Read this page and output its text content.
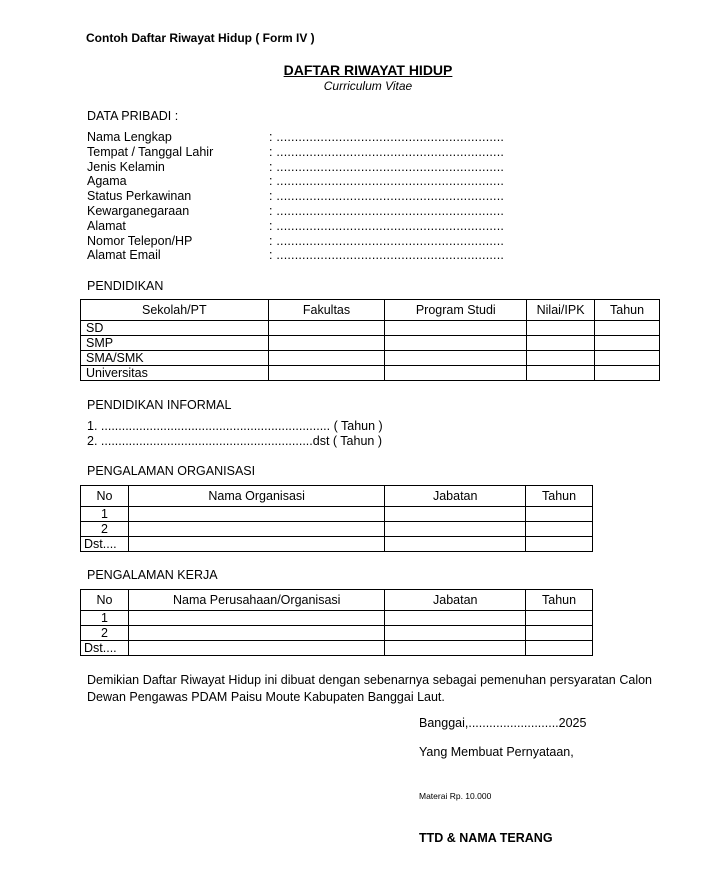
Contoh Daftar Riwayat Hidup ( Form IV )
DAFTAR RIWAYAT HIDUP
Curriculum Vitae
DATA PRIBADI :
Nama Lengkap	: ..............................................................
Tempat / Tanggal Lahir	: ..............................................................
Jenis Kelamin	: ..............................................................
Agama	: ..............................................................
Status Perkawinan	: ..............................................................
Kewarganegaraan	: ..............................................................
Alamat	: ..............................................................
Nomor Telepon/HP	: ..............................................................
Alamat Email	: ..............................................................
PENDIDIKAN
Sekolah/PT	Fakultas	Program Studi	Nilai/IPK	Tahun
SD				
SMP				
SMA/SMK				
Universitas				
PENDIDIKAN INFORMAL
1. .................................................................. ( Tahun )
2. .............................................................dst ( Tahun )
PENGALAMAN ORGANISASI
No	Nama Organisasi	Jabatan	Tahun
1			
2			
Dst....			
PENGALAMAN KERJA
No	Nama Perusahaan/Organisasi	Jabatan	Tahun
1			
2			
Dst....			
Demikian Daftar Riwayat Hidup ini dibuat dengan sebenarnya sebagai pemenuhan persyaratan Calon Dewan Pengawas PDAM Paisu Moute Kabupaten Banggai Laut.
Banggai,..........................2025
Yang Membuat Pernyataan,
Materai Rp. 10.000
TTD & NAMA TERANG
